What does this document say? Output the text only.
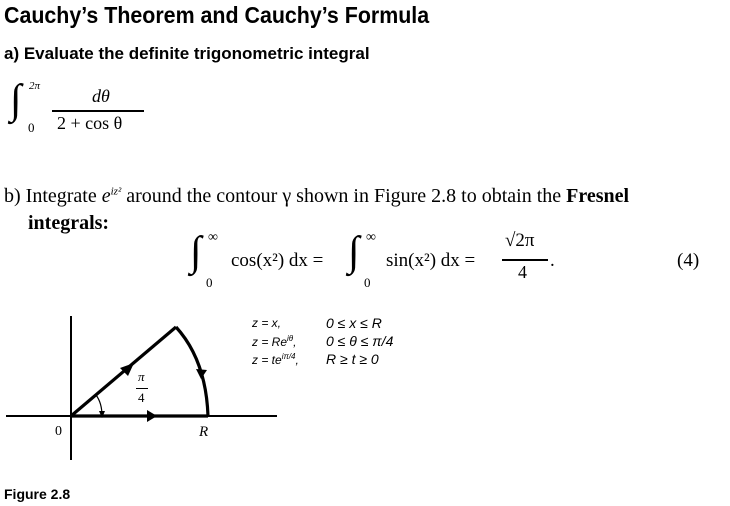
Cauchy’s Theorem and Cauchy’s Formula
a) Evaluate the definite trigonometric integral
∫ 2π
0
dθ
2 + cos θ
b) Integrate $e^{iz^2}$ around the contour γ shown in Figure 2.8 to obtain the Fresnel
integrals:
∫ ∞
0
cos(x²) dx = ∫ ∞
0
sin(x²) dx =
√2π
4
.	(4)
π
4
0	R
z = x,	0 ≤ x ≤ R
$z = Re^{i\theta}$, 0 ≤ θ ≤ π/4
$z = te^{i\pi/4}$, R ≥ t ≥ 0
Figure 2.8
